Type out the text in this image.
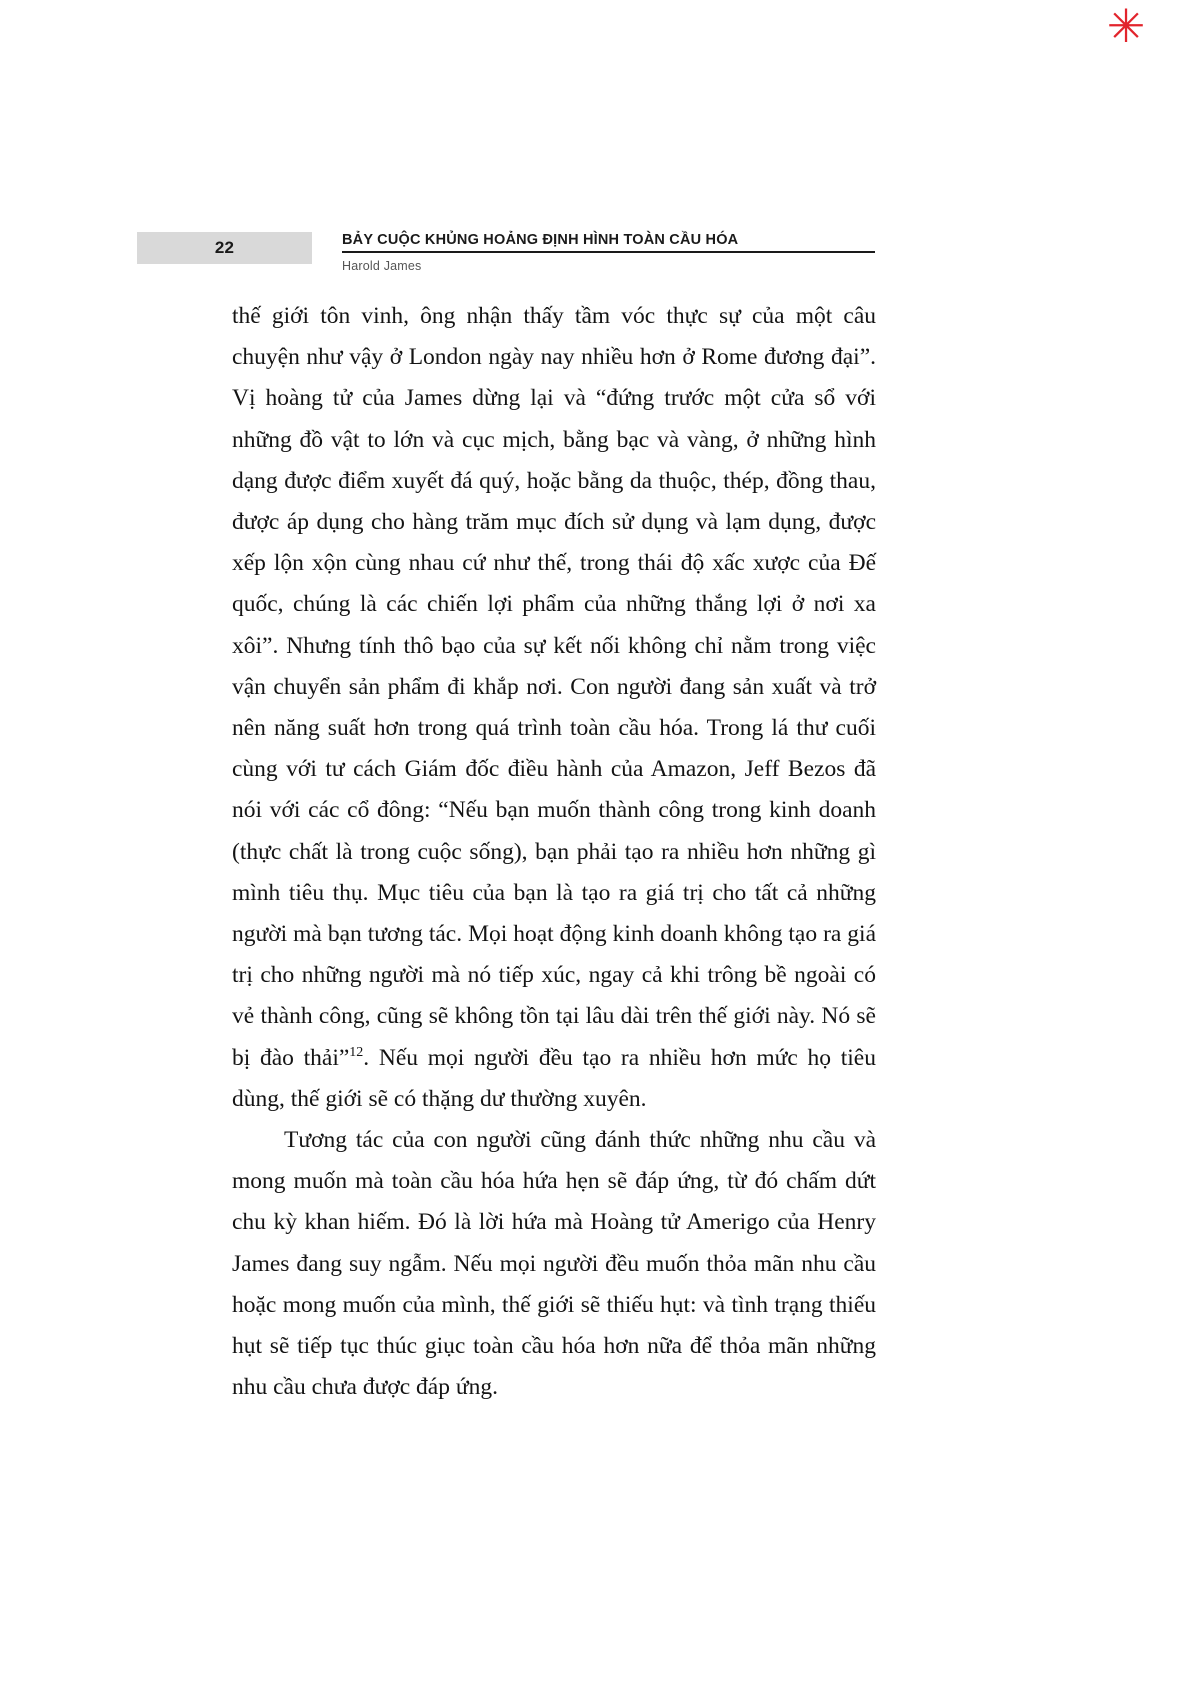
✳
22	BẢY CUỘC KHỦNG HOẢNG ĐỊNH HÌNH TOÀN CẦU HÓA
Harold James

thế giới tôn vinh, ông nhận thấy tầm vóc thực sự của một câu chuyện như vậy ở London ngày nay nhiều hơn ở Rome đương đại”. Vị hoàng tử của James dừng lại và “đứng trước một cửa sổ với những đồ vật to lớn và cục mịch, bằng bạc và vàng, ở những hình dạng được điểm xuyết đá quý, hoặc bằng da thuộc, thép, đồng thau, được áp dụng cho hàng trăm mục đích sử dụng và lạm dụng, được xếp lộn xộn cùng nhau cứ như thế, trong thái độ xấc xược của Đế quốc, chúng là các chiến lợi phẩm của những thắng lợi ở nơi xa xôi”. Nhưng tính thô bạo của sự kết nối không chỉ nằm trong việc vận chuyển sản phẩm đi khắp nơi. Con người đang sản xuất và trở nên năng suất hơn trong quá trình toàn cầu hóa. Trong lá thư cuối cùng với tư cách Giám đốc điều hành của Amazon, Jeff Bezos đã nói với các cổ đông: “Nếu bạn muốn thành công trong kinh doanh (thực chất là trong cuộc sống), bạn phải tạo ra nhiều hơn những gì mình tiêu thụ. Mục tiêu của bạn là tạo ra giá trị cho tất cả những người mà bạn tương tác. Mọi hoạt động kinh doanh không tạo ra giá trị cho những người mà nó tiếp xúc, ngay cả khi trông bề ngoài có vẻ thành công, cũng sẽ không tồn tại lâu dài trên thế giới này. Nó sẽ bị đào thải”$^{12}$. Nếu mọi người đều tạo ra nhiều hơn mức họ tiêu dùng, thế giới sẽ có thặng dư thường xuyên.

Tương tác của con người cũng đánh thức những nhu cầu và mong muốn mà toàn cầu hóa hứa hẹn sẽ đáp ứng, từ đó chấm dứt chu kỳ khan hiếm. Đó là lời hứa mà Hoàng tử Amerigo của Henry James đang suy ngẫm. Nếu mọi người đều muốn thỏa mãn nhu cầu hoặc mong muốn của mình, thế giới sẽ thiếu hụt: và tình trạng thiếu hụt sẽ tiếp tục thúc giục toàn cầu hóa hơn nữa để thỏa mãn những nhu cầu chưa được đáp ứng.
